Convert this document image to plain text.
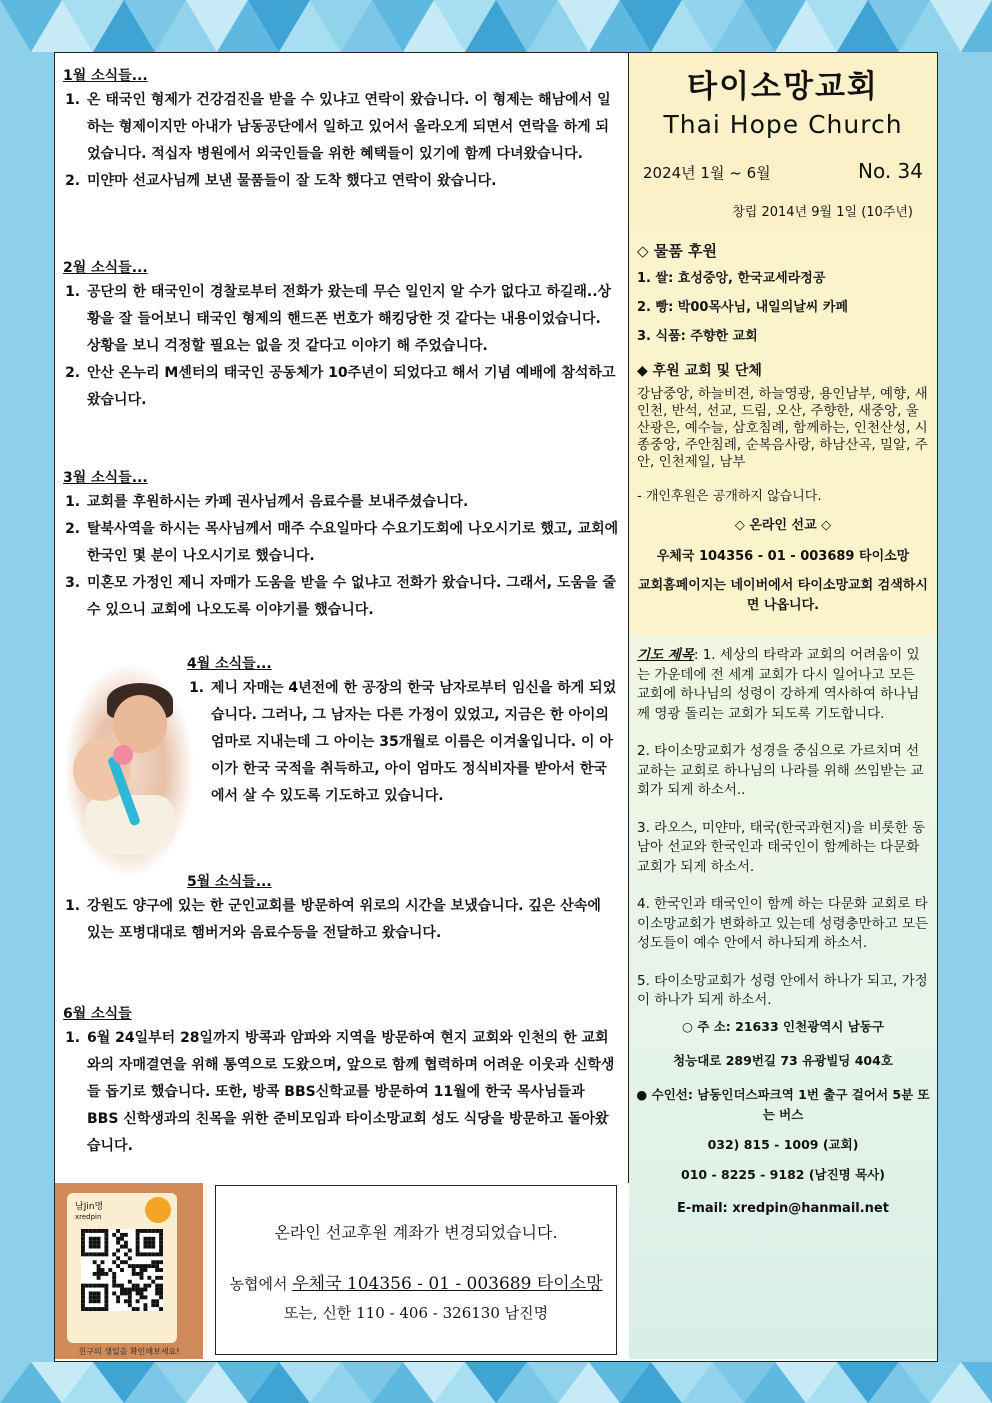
1월 소식들...
1. 온 태국인 형제가 건강검진을 받을 수 있냐고 연락이 왔습니다. 이 형제는 해남에서 일하는 형제이지만 아내가 남동공단에서 일하고 있어서 올라오게 되면서 연락을 하게 되었습니다. 적십자 병원에서 외국인들을 위한 혜택들이 있기에 함께 다녀왔습니다.
2. 미얀마 선교사님께 보낸 물품들이 잘 도착 했다고 연락이 왔습니다.
2월 소식들...
1. 공단의 한 태국인이 경찰로부터 전화가 왔는데 무슨 일인지 알 수가 없다고 하길래..상황을 잘 들어보니 태국인 형제의 핸드폰 번호가 해킹당한 것 같다는 내용이었습니다. 상황을 보니 걱정할 필요는 없을 것 같다고 이야기 해 주었습니다.
2. 안산 온누리 M센터의 태국인 공동체가 10주년이 되었다고 해서 기념 예배에 참석하고 왔습니다.
3월 소식들...
1. 교회를 후원하시는 카페 권사님께서 음료수를 보내주셨습니다.
2. 탈북사역을 하시는 목사님께서 매주 수요일마다 수요기도회에 나오시기로 했고, 교회에 한국인 몇 분이 나오시기로 했습니다.
3. 미혼모 가정인 제니 자매가 도움을 받을 수 없냐고 전화가 왔습니다. 그래서, 도움을 줄 수 있으니 교회에 나오도록 이야기를 했습니다.
4월 소식들...
1. 제니 자매는 4년전에 한 공장의 한국 남자로부터 임신을 하게 되었습니다. 그러나, 그 남자는 다른 가정이 있었고, 지금은 한 아이의 엄마로 지내는데 그 아이는 35개월로 이름은 이겨울입니다. 이 아이가 한국 국적을 취득하고, 아이 엄마도 정식비자를 받아서 한국에서 살 수 있도록 기도하고 있습니다.
5월 소식들...
1. 강원도 양구에 있는 한 군인교회를 방문하여 위로의 시간을 보냈습니다. 깊은 산속에 있는 포병대대로 햄버거와 음료수등을 전달하고 왔습니다.
6월 소식들
1. 6월 24일부터 28일까지 방콕과 암파와 지역을 방문하여 현지 교회와 인천의 한 교회와의 자매결연을 위해 통역으로 도왔으며, 앞으로 함께 협력하며 어려운 이웃과 신학생들 돕기로 했습니다. 또한, 방콕 BBS신학교를 방문하여 11월에 한국 목사님들과 BBS 신학생과의 친목을 위한 준비모임과 타이소망교회 성도 식당을 방문하고 돌아왔습니다.
남Jin명
xredpin
친구의 생일을 확인해보세요!
온라인 선교후원 계좌가 변경되었습니다.
농협에서 우체국 104356 - 01 - 003689 타이소망
또는, 신한 110 - 406 - 326130 남진명
타이소망교회
Thai Hope Church
2024년 1월 ~ 6월	No. 34
창립 2014년 9월 1일 (10주년)
◇ 물품 후원
1. 쌀: 효성중앙, 한국교세라정공
2. 빵: 박00목사님, 내일의날씨 카페
3. 식품: 주향한 교회
◆ 후원 교회 및 단체
강남중앙, 하늘비젼, 하늘영광, 용인남부, 예향, 새인천, 반석, 선교, 드림, 오산, 주향한, 새중앙, 울산광은, 예수늘, 삼호침례, 함께하는, 인천산성, 시종중앙, 주안침례, 순복음사랑, 하남산곡, 밀알, 주안, 인천제일, 남부
- 개인후원은 공개하지 않습니다.
◇ 온라인 선교 ◇
우체국 104356 - 01 - 003689 타이소망
교회홈페이지는 네이버에서 타이소망교회 검색하시면 나옵니다.

기도 제목: 1. 세상의 타락과 교회의 어려움이 있는 가운데에 전 세계 교회가 다시 일어나고 모든 교회에 하나님의 성령이 강하게 역사하여 하나님께 영광 돌리는 교회가 되도록 기도합니다.

2. 타이소망교회가 성경을 중심으로 가르치며 선교하는 교회로 하나님의 나라를 위해 쓰임받는 교회가 되게 하소서..

3. 라오스, 미얀마, 태국(한국과현지)을 비롯한 동남아 선교와 한국인과 태국인이 함께하는 다문화교회가 되게 하소서.

4. 한국인과 태국인이 함께 하는 다문화 교회로 타이소망교회가 변화하고 있는데 성령충만하고 모든 성도들이 예수 안에서 하나되게 하소서.

5. 타이소망교회가 성령 안에서 하나가 되고, 가정이 하나가 되게 하소서.

○ 주 소: 21633 인천광역시 남동구
청능대로 289번길 73 유광빌딩 404호
● 수인선: 남동인더스파크역 1번 출구 걸어서 5분 또는 버스
032) 815 - 1009 (교회)
010 - 8225 - 9182 (남진명 목사)
E-mail: xredpin@hanmail.net
